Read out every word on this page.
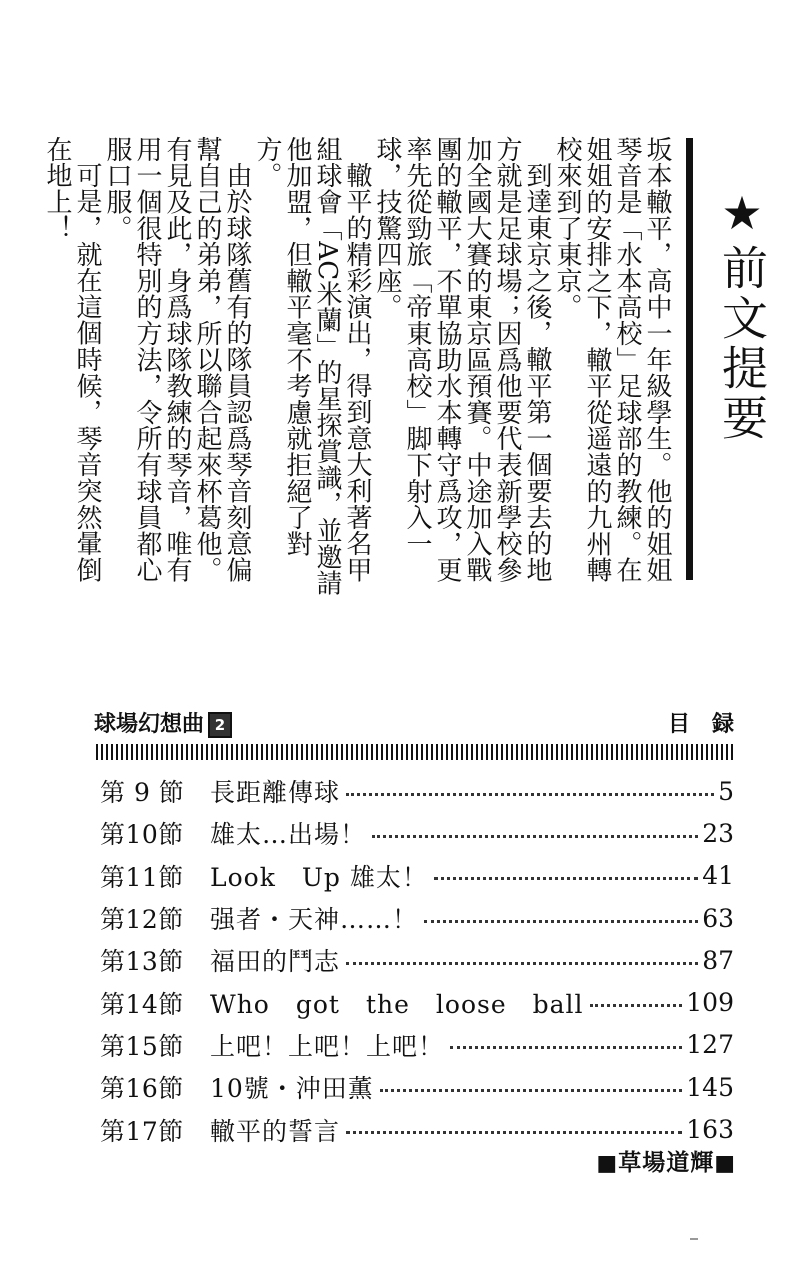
★前文提要

坂本轍平，高中一年級學生。他的姐姐琴音是「水本高校」足球部的教練。在姐姐的安排之下，轍平從遥遠的九州轉校來到了東京。

到達東京之後，轍平第一個要去的地方就是足球場；因爲他要代表新學校參加全國大賽的東京區預賽。中途加入戰團的轍平，不單協助水本轉守爲攻，更率先從勁旅「帝東高校」脚下射入一球，技驚四座。

轍平的精彩演出，得到意大利著名甲組球會「AC米蘭」的星探賞識，並邀請他加盟，但轍平毫不考慮就拒絕了對方。

由於球隊舊有的隊員認爲琴音刻意偏幫自己的弟弟，所以聯合起來杯葛他。有見及此，身爲球隊教練的琴音，唯有用一個很特別的方法，令所有球員都心服口服。

可是，就在這個時候，琴音突然暈倒在地上！

球場幻想曲 2	目録
第 9 節	長距離傳球	5
第10節	雄太…出場！	23
第11節	Look　Up 雄太！	41
第12節	强者・天神……！	63
第13節	福田的鬥志	87
第14節	Who　got　the　loose　ball	109
第15節	上吧！上吧！上吧！	127
第16節	10號・沖田薫	145
第17節	轍平的誓言	163
■草場道輝■
